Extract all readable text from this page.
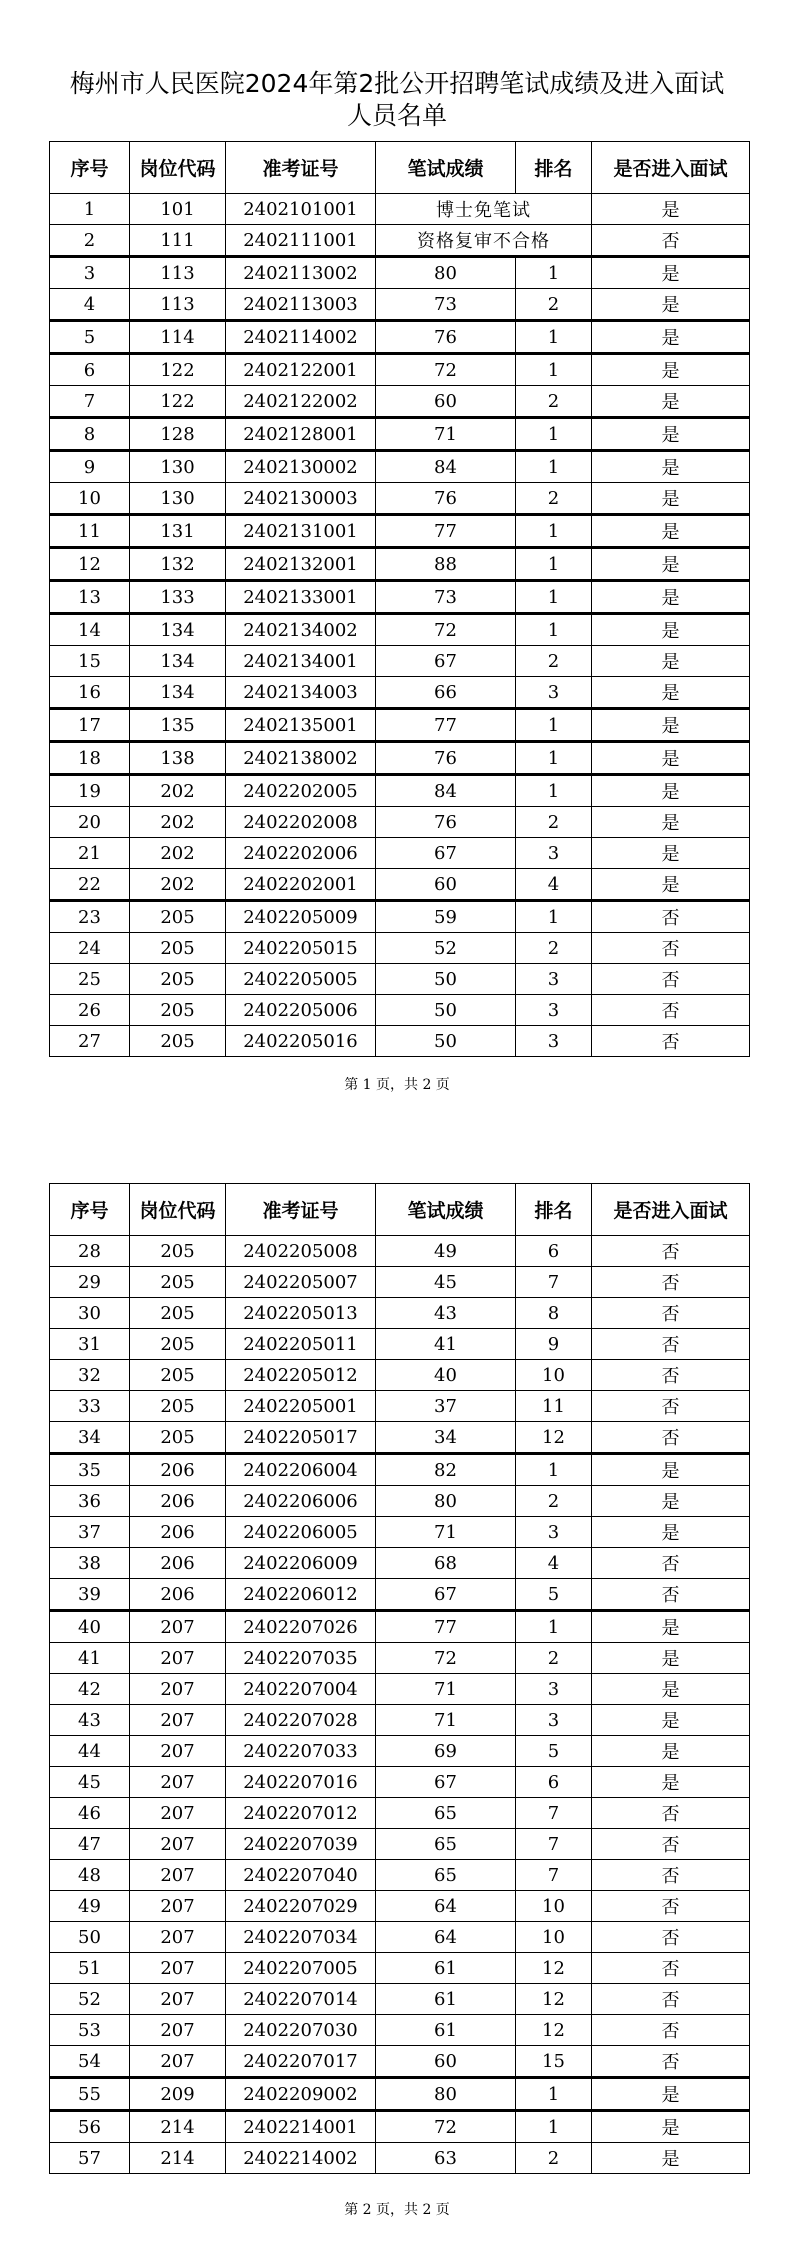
梅州市人民医院2024年第2批公开招聘笔试成绩及进入面试
人员名单
序号	岗位代码	准考证号	笔试成绩	排名	是否进入面试
1	101	2402101001	博士免笔试		是
2	111	2402111001	资格复审不合格		否
3	113	2402113002	80	1	是
4	113	2402113003	73	2	是
5	114	2402114002	76	1	是
6	122	2402122001	72	1	是
7	122	2402122002	60	2	是
8	128	2402128001	71	1	是
9	130	2402130002	84	1	是
10	130	2402130003	76	2	是
11	131	2402131001	77	1	是
12	132	2402132001	88	1	是
13	133	2402133001	73	1	是
14	134	2402134002	72	1	是
15	134	2402134001	67	2	是
16	134	2402134003	66	3	是
17	135	2402135001	77	1	是
18	138	2402138002	76	1	是
19	202	2402202005	84	1	是
20	202	2402202008	76	2	是
21	202	2402202006	67	3	是
22	202	2402202001	60	4	是
23	205	2402205009	59	1	否
24	205	2402205015	52	2	否
25	205	2402205005	50	3	否
26	205	2402205006	50	3	否
27	205	2402205016	50	3	否
第 1 页，共 2 页
序号	岗位代码	准考证号	笔试成绩	排名	是否进入面试
28	205	2402205008	49	6	否
29	205	2402205007	45	7	否
30	205	2402205013	43	8	否
31	205	2402205011	41	9	否
32	205	2402205012	40	10	否
33	205	2402205001	37	11	否
34	205	2402205017	34	12	否
35	206	2402206004	82	1	是
36	206	2402206006	80	2	是
37	206	2402206005	71	3	是
38	206	2402206009	68	4	否
39	206	2402206012	67	5	否
40	207	2402207026	77	1	是
41	207	2402207035	72	2	是
42	207	2402207004	71	3	是
43	207	2402207028	71	3	是
44	207	2402207033	69	5	是
45	207	2402207016	67	6	是
46	207	2402207012	65	7	否
47	207	2402207039	65	7	否
48	207	2402207040	65	7	否
49	207	2402207029	64	10	否
50	207	2402207034	64	10	否
51	207	2402207005	61	12	否
52	207	2402207014	61	12	否
53	207	2402207030	61	12	否
54	207	2402207017	60	15	否
55	209	2402209002	80	1	是
56	214	2402214001	72	1	是
57	214	2402214002	63	2	是
第 2 页，共 2 页
